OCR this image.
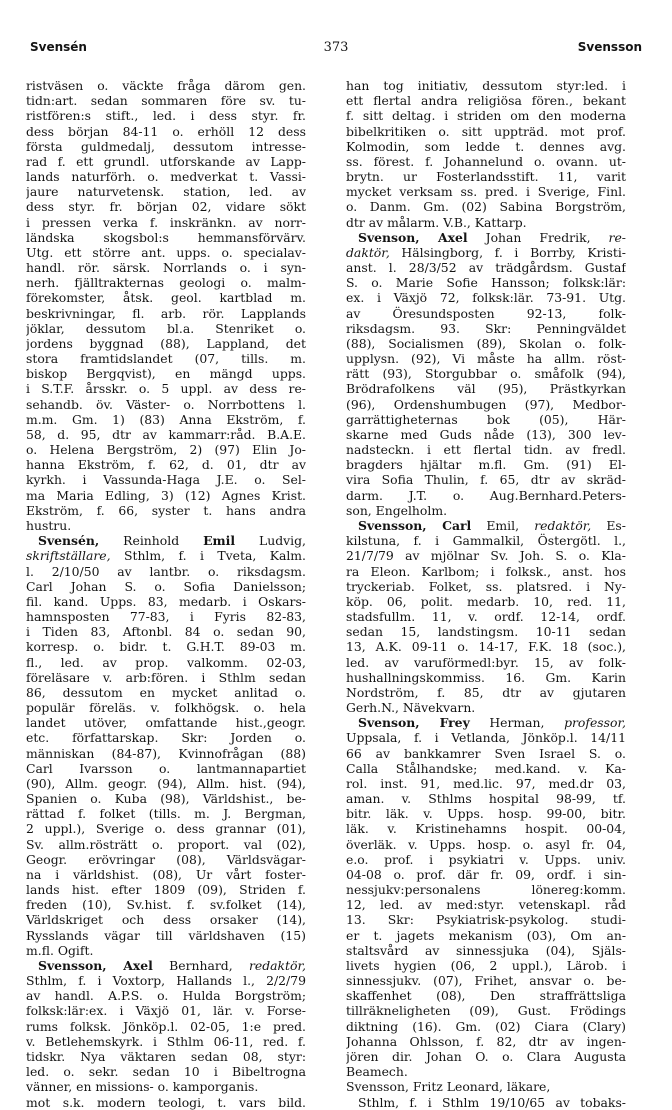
Svensén	373	Svensson
ristväsen o. väckte fråga därom gen.
tidn:art. sedan sommaren före sv. tu-
ristfören:s stift., led. i dess styr. fr.
dess början 84-11 o. erhöll 12 dess
första guldmedalj, dessutom intresse-
rad f. ett grundl. utforskande av Lapp-
lands naturförh. o. medverkat t. Vassi-
jaure naturvetensk. station, led. av
dess styr. fr. början 02, vidare sökt
i pressen verka f. inskränkn. av norr-
ländska skogsbol:s hemmansförvärv.
Utg. ett större ant. upps. o. specialav-
handl. rör. särsk. Norrlands o. i syn-
nerh. fjälltrakternas geologi o. malm-
förekomster, åtsk. geol. kartblad m.
beskrivningar, fl. arb. rör. Lapplands
jöklar, dessutom bl.a. Stenriket o.
jordens byggnad (88), Lappland, det
stora framtidslandet (07, tills. m.
biskop Bergqvist), en mängd upps.
i S.T.F. årsskr. o. 5 uppl. av dess re-
sehandb. öv. Väster- o. Norrbottens l.
m.m. Gm. 1) (83) Anna Ekström, f.
58, d. 95, dtr av kammarr:råd. B.A.E.
o. Helena Bergström, 2) (97) Elin Jo-
hanna Ekström, f. 62, d. 01, dtr av
kyrkh. i Vassunda-Haga J.E. o. Sel-
ma Maria Edling, 3) (12) Agnes Krist.
Ekström, f. 66, syster t. hans andra
hustru.
Svensén, Reinhold Emil Ludvig,
skriftställare, Sthlm, f. i Tveta, Kalm.
l. 2/10/50 av lantbr. o. riksdagsm.
Carl Johan S. o. Sofia Danielsson;
fil. kand. Upps. 83, medarb. i Oskars-
hamnsposten 77-83, i Fyris 82-83,
i Tiden 83, Aftonbl. 84 o. sedan 90,
korresp. o. bidr. t. G.H.T. 89-03 m.
fl., led. av prop. valkomm. 02-03,
föreläsare v. arb:fören. i Sthlm sedan
86, dessutom en mycket anlitad o.
populär föreläs. v. folkhögsk. o. hela
landet utöver, omfattande hist.,geogr.
etc. författarskap. Skr: Jorden o.
människan (84-87), Kvinnofrågan (88)
Carl Ivarsson o. lantmannapartiet
(90), Allm. geogr. (94), Allm. hist. (94),
Spanien o. Kuba (98), Världshist., be-
rättad f. folket (tills. m. J. Bergman,
2 uppl.), Sverige o. dess grannar (01),
Sv. allm.rösträtt o. proport. val (02),
Geogr. erövringar (08), Världsvägar-
na i världshist. (08), Ur vårt foster-
lands hist. efter 1809 (09), Striden f.
freden (10), Sv.hist. f. sv.folket (14),
Världskriget och dess orsaker (14),
Rysslands vägar till världshaven (15)
m.fl. Ogift.
Svensson, Axel Bernhard, redaktör,
Sthlm, f. i Voxtorp, Hallands l., 2/2/79
av handl. A.P.S. o. Hulda Borgström;
folksk:lär:ex. i Växjö 01, lär. v. Forse-
rums folksk. Jönköp.l. 02-05, 1:e pred.
v. Betlehemskyrk. i Sthlm 06-11, red. f.
tidskr. Nya väktaren sedan 08, styr:
led. o. sekr. sedan 10 i Bibeltrogna
vänner, en missions- o. kamporganis.
mot s.k. modern teologi, t. vars bild.
han tog initiativ, dessutom styr:led. i
ett flertal andra religiösa fören., bekant
f. sitt deltag. i striden om den moderna
bibelkritiken o. sitt uppträd. mot prof.
Kolmodin, som ledde t. dennes avg.
ss. förest. f. Johannelund o. ovann. ut-
brytn. ur Fosterlandsstift. 11, varit
mycket verksam ss. pred. i Sverige, Finl.
o. Danm. Gm. (02) Sabina Borgström,
dtr av målarm. V.B., Kattarp.
Svenson, Axel Johan Fredrik, re-
daktör, Hälsingborg, f. i Borrby, Kristi-
anst. l. 28/3/52 av trädgårdsm. Gustaf
S. o. Marie Sofie Hansson; folksk:lär:
ex. i Växjö 72, folksk:lär. 73-91. Utg.
av Öresundsposten 92-13, folk-
riksdagsm. 93. Skr: Penningväldet
(88), Socialismen (89), Skolan o. folk-
upplysn. (92), Vi måste ha allm. röst-
rätt (93), Storgubbar o. småfolk (94),
Brödrafolkens väl (95), Prästkyrkan
(96), Ordenshumbugen (97), Medbor-
garrättigheternas bok (05), Här-
skarne med Guds nåde (13), 300 lev-
nadsteckn. i ett flertal tidn. av fredl.
bragders hjältar m.fl. Gm. (91) El-
vira Sofia Thulin, f. 65, dtr av skräd-
darm. J.T. o. Aug.Bernhard.Peters-
son, Engelholm.
Svensson, Carl Emil, redaktör, Es-
kilstuna, f. i Gammalkil, Östergötl. l.,
21/7/79 av mjölnar Sv. Joh. S. o. Kla-
ra Eleon. Karlbom; i folksk., anst. hos
tryckeriab. Folket, ss. platsred. i Ny-
köp. 06, polit. medarb. 10, red. 11,
stadsfullm. 11, v. ordf. 12-14, ordf.
sedan 15, landstingsm. 10-11 sedan
13, A.K. 09-11 o. 14-17, F.K. 18 (soc.),
led. av varuförmedl:byr. 15, av folk-
hushallningskommiss. 16. Gm. Karin
Nordström, f. 85, dtr av gjutaren
Gerh.N., Nävekvarn.
Svenson, Frey Herman, professor,
Uppsala, f. i Vetlanda, Jönköp.l. 14/11
66 av bankkamrer Sven Israel S. o.
Calla Stålhandske; med.kand. v. Ka-
rol. inst. 91, med.lic. 97, med.dr 03,
aman. v. Sthlms hospital 98-99, tf.
bitr. läk. v. Upps. hosp. 99-00, bitr.
läk. v. Kristinehamns hospit. 00-04,
överläk. v. Upps. hosp. o. asyl fr. 04,
e.o. prof. i psykiatri v. Upps. univ.
04-08 o. prof. där fr. 09, ordf. i sin-
nessjukv:personalens lönereg:komm.
12, led. av med:styr. vetenskapl. råd
13. Skr: Psykiatrisk-psykolog. studi-
er t. jagets mekanism (03), Om an-
staltsvård av sinnessjuka (04), Själs-
livets hygien (06, 2 uppl.), Lärob. i
sinnessjukv. (07), Frihet, ansvar o. be-
skaffenhet (08), Den straffrättsliga
tillräkneligheten (09), Gust. Frödings
diktning (16). Gm. (02) Ciara (Clary)
Johanna Ohlsson, f. 82, dtr av ingen-
jören dir. Johan O. o. Clara Augusta
Beamech.
Svensson, Fritz Leonard, läkare,
Sthlm, f. i Sthlm 19/10/65 av tobaks-
